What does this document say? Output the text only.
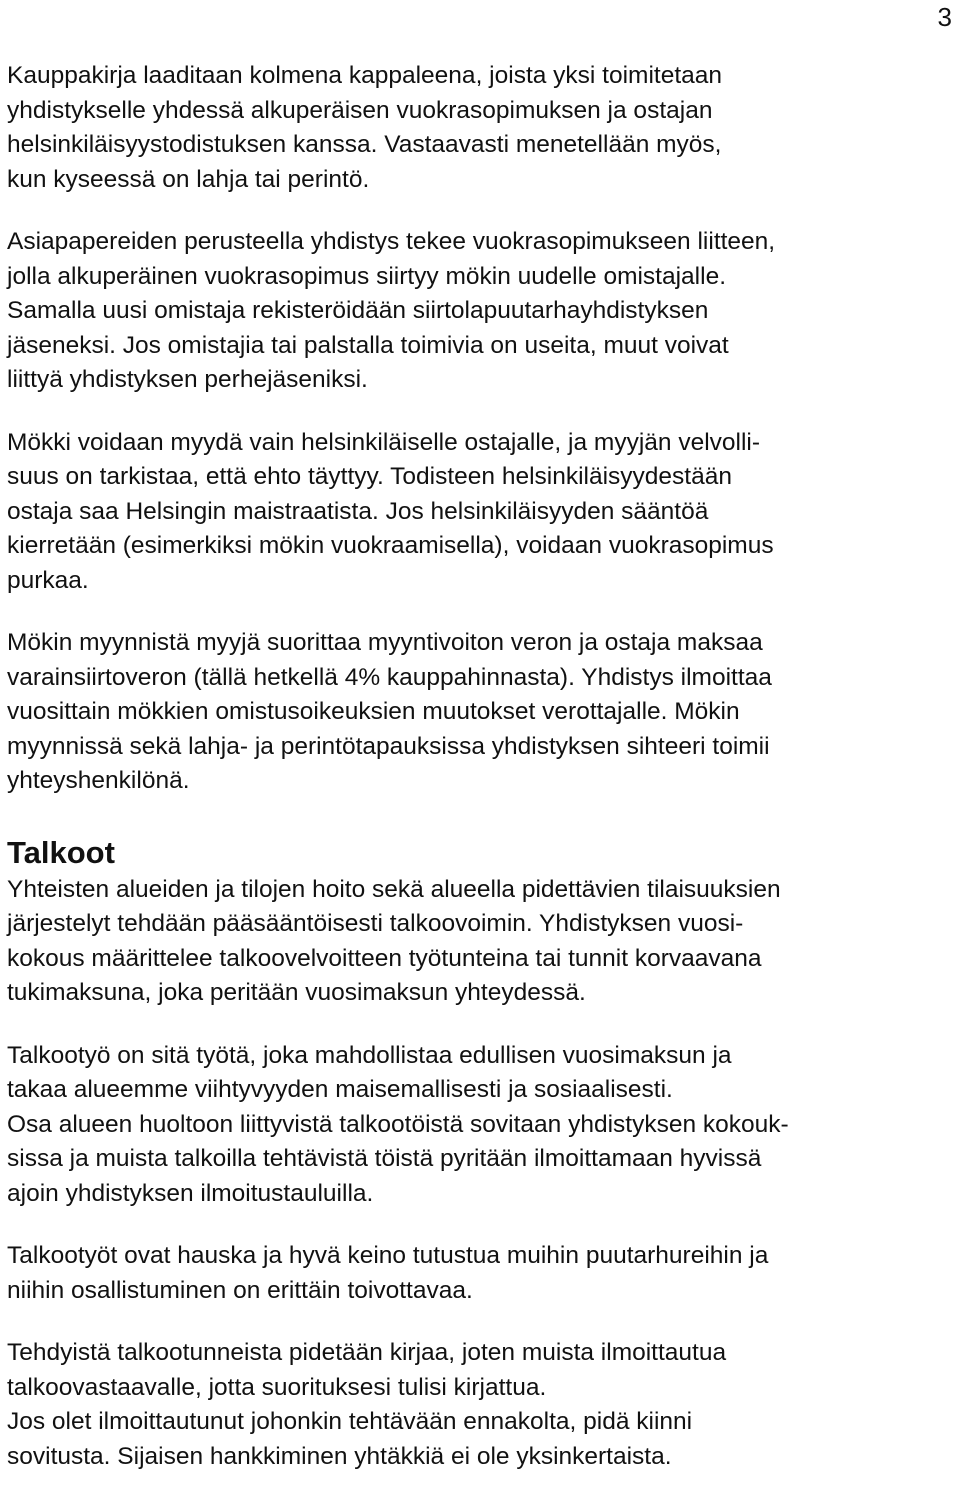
3

Kauppakirja laaditaan kolmena kappaleena, joista yksi toimitetaan
yhdistykselle yhdessä alkuperäisen vuokrasopimuksen ja ostajan
helsinkiläisyystodistuksen kanssa. Vastaavasti menetellään myös,
kun kyseessä on lahja tai perintö.

Asiapapereiden perusteella yhdistys tekee vuokrasopimukseen liitteen,
jolla alkuperäinen vuokrasopimus siirtyy mökin uudelle omistajalle.
Samalla uusi omistaja rekisteröidään siirtolapuutarhayhdistyksen
jäseneksi. Jos omistajia tai palstalla toimivia on useita, muut voivat
liittyä yhdistyksen perhejäseniksi.

Mökki voidaan myydä vain helsinkiläiselle ostajalle, ja myyjän velvolli-
suus on tarkistaa, että ehto täyttyy. Todisteen helsinkiläisyydestään
ostaja saa Helsingin maistraatista. Jos helsinkiläisyyden sääntöä
kierretään (esimerkiksi mökin vuokraamisella), voidaan vuokrasopimus
purkaa.

Mökin myynnistä myyjä suorittaa myyntivoiton veron ja ostaja maksaa
varainsiirtoveron (tällä hetkellä 4% kauppahinnasta). Yhdistys ilmoittaa
vuosittain mökkien omistusoikeuksien muutokset verottajalle. Mökin
myynnissä sekä lahja- ja perintötapauksissa yhdistyksen sihteeri toimii
yhteyshenkilönä.

Talkoot

Yhteisten alueiden ja tilojen hoito sekä alueella pidettävien tilaisuuksien
järjestelyt tehdään pääsääntöisesti talkoovoimin. Yhdistyksen vuosi-
kokous määrittelee talkoovelvoitteen työtunteina tai tunnit korvaavana
tukimaksuna, joka peritään vuosimaksun yhteydessä.

Talkootyö on sitä työtä, joka mahdollistaa edullisen vuosimaksun ja
takaa alueemme viihtyvyyden maisemallisesti ja sosiaalisesti.
Osa alueen huoltoon liittyvistä talkootöistä sovitaan yhdistyksen kokouk-
sissa ja muista talkoilla tehtävistä töistä pyritään ilmoittamaan hyvissä
ajoin yhdistyksen ilmoitustauluilla.

Talkootyöt ovat hauska ja hyvä keino tutustua muihin puutarhureihin ja
niihin osallistuminen on erittäin toivottavaa.

Tehdyistä talkootunneista pidetään kirjaa, joten muista ilmoittautua
talkoovastaavalle, jotta suorituksesi tulisi kirjattua.
Jos olet ilmoittautunut johonkin tehtävään ennakolta, pidä kiinni
sovitusta. Sijaisen hankkiminen yhtäkkiä ei ole yksinkertaista.
